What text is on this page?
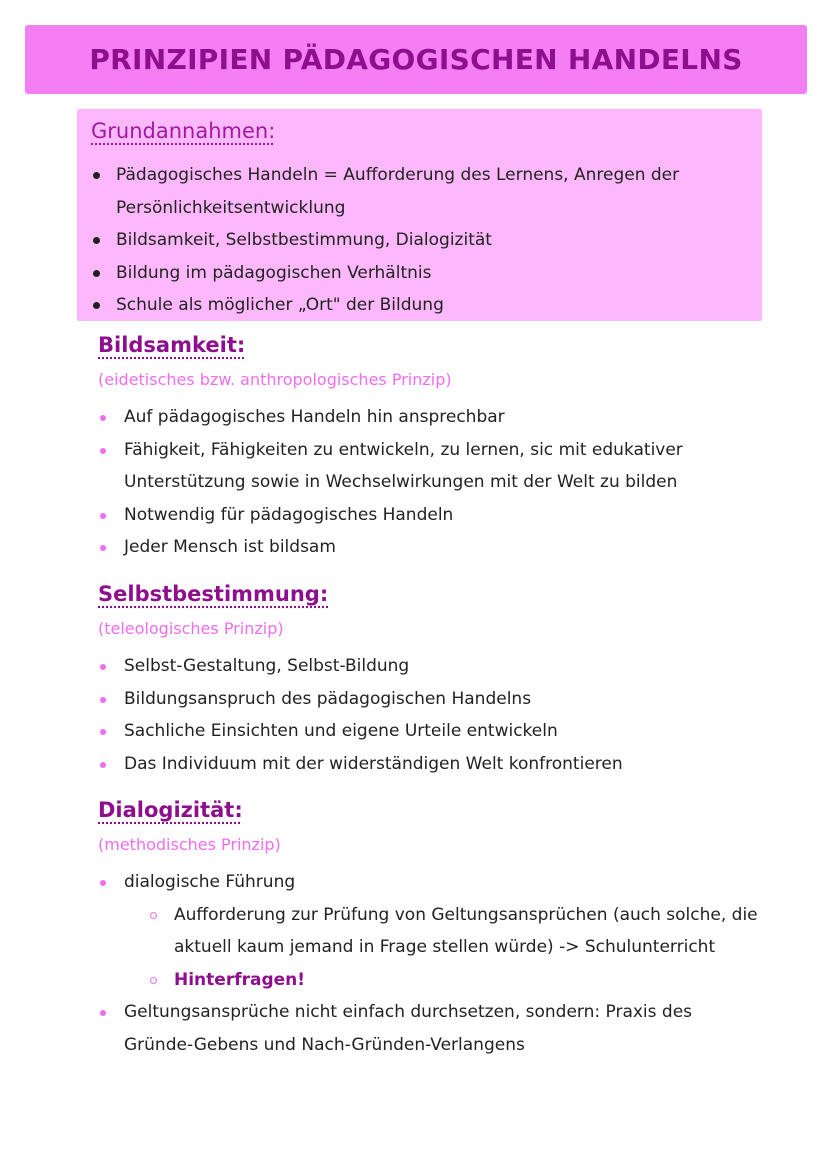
PRINZIPIEN PÄDAGOGISCHEN HANDELNS
Grundannahmen:
Pädagogisches Handeln = Aufforderung des Lernens, Anregen der Persönlichkeitsentwicklung
Bildsamkeit, Selbstbestimmung, Dialogizität
Bildung im pädagogischen Verhältnis
Schule als möglicher „Ort" der Bildung
Bildsamkeit:

(eidetisches bzw. anthropologisches Prinzip)

Auf pädagogisches Handeln hin ansprechbar
Fähigkeit, Fähigkeiten zu entwickeln, zu lernen, sic mit edukativer Unterstützung sowie in Wechselwirkungen mit der Welt zu bilden
Notwendig für pädagogisches Handeln
Jeder Mensch ist bildsam
Selbstbestimmung:

(teleologisches Prinzip)

Selbst-Gestaltung, Selbst-Bildung
Bildungsanspruch des pädagogischen Handelns
Sachliche Einsichten und eigene Urteile entwickeln
Das Individuum mit der widerständigen Welt konfrontieren
Dialogizität:

(methodisches Prinzip)

dialogische Führung
Aufforderung zur Prüfung von Geltungsansprüchen (auch solche, die aktuell kaum jemand in Frage stellen würde) -> Schulunterricht
Hinterfragen!
Geltungsansprüche nicht einfach durchsetzen, sondern: Praxis des Gründe-Gebens und Nach-Gründen-Verlangens
